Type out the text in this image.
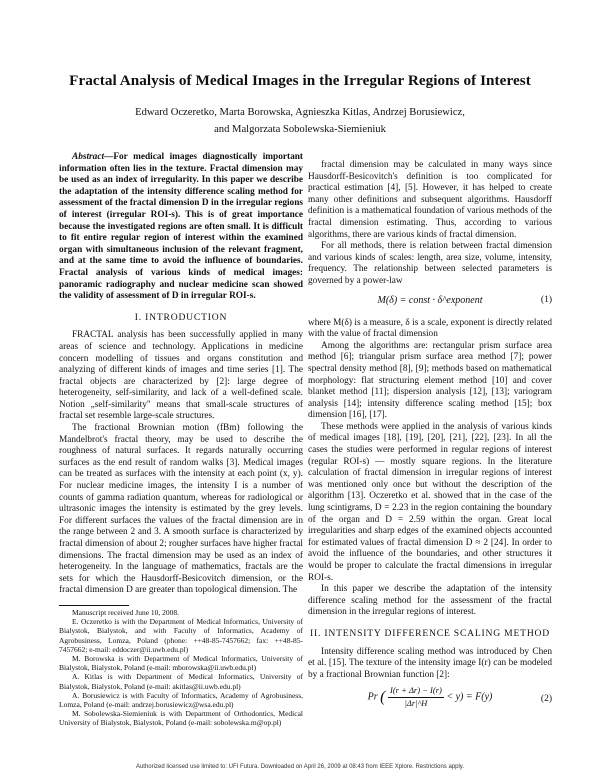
Fractal Analysis of Medical Images in the Irregular Regions of Interest
Edward Oczeretko, Marta Borowska, Agnieszka Kitlas, Andrzej Borusiewicz,
and Malgorzata Sobolewska-Siemieniuk

Abstract—For medical images diagnostically important information often lies in the texture. Fractal dimension may be used as an index of irregularity. In this paper we describe the adaptation of the intensity difference scaling method for assessment of the fractal dimension D in the irregular regions of interest (irregular ROI-s). This is of great importance because the investigated regions are often small. It is difficult to fit entire regular region of interest within the examined organ with simultaneous inclusion of the relevant fragment, and at the same time to avoid the influence of boundaries. Fractal analysis of various kinds of medical images: panoramic radiography and nuclear medicine scan showed the validity of assessment of D in irregular ROI-s.

I. INTRODUCTION

FRACTAL analysis has been successfully applied in many areas of science and technology. Applications in medicine concern modelling of tissues and organs constitution and analyzing of different kinds of images and time series [1]. The fractal objects are characterized by [2]: large degree of heterogeneity, self-similarity, and lack of a well-defined scale. Notion „self-similarity" means that small-scale structures of fractal set resemble large-scale structures.

The fractional Brownian motion (fBm) following the Mandelbrot's fractal theory, may be used to describe the roughness of natural surfaces. It regards naturally occurring surfaces as the end result of random walks [3]. Medical images can be treated as surfaces with the intensity at each point (x, y). For nuclear medicine images, the intensity I is a number of counts of gamma radiation quantum, whereas for radiological or ultrasonic images the intensity is estimated by the grey levels. For different surfaces the values of the fractal dimension are in the range between 2 and 3. A smooth surface is characterized by fractal dimension of about 2; rougher surfaces have higher fractal dimensions. The fractal dimension may be used as an index of heterogeneity. In the language of mathematics, fractals are the sets for which the Hausdorff-Besicovitch dimension, or the fractal dimension D are greater than topological dimension. The

Manuscript received June 10, 2008.

E. Oczeretko is with the Department of Medical Informatics, University of Bialystok, Bialystok, and with Faculty of Informatics, Academy of Agrobusiness, Lomza, Poland (phone: ++48-85-7457662; fax: ++48-85-7457662; e-mail: eddoczer@ii.uwb.edu.pl)

M. Borowska is with Department of Medical Informatics, University of Bialystok, Bialystok, Poland (e-mail: mborowska@ii.uwb.edu.pl)

A. Kitlas is with Department of Medical Informatics, University of Bialystok, Bialystok, Poland (e-mail: akitlas@ii.uwb.edu.pl)

A. Borusiewicz is with Faculty of Informatics, Academy of Agrobusiness, Lomza, Poland (e-mail: andrzej.borusiewicz@wsa.edu.pl)

M. Sobolewska-Siemieniuk is with Department of Orthodontics, Medical University of Bialystok, Bialystok, Poland (e-mail: sobolewska.m@op.pl)

fractal dimension may be calculated in many ways since Hausdorff-Besicovitch's definition is too complicated for practical estimation [4], [5]. However, it has helped to create many other definitions and subsequent algorithms. Hausdorff definition is a mathematical foundation of various methods of the fractal dimension estimating. Thus, according to various algorithms, there are various kinds of fractal dimension.

For all methods, there is relation between fractal dimension and various kinds of scales: length, area size, volume, intensity, frequency. The relationship between selected parameters is governed by a power-law

M(δ) = const · δ^exponent	(1)

where M(δ) is a measure, δ is a scale, exponent is directly related with the value of fractal dimension

Among the algorithms are: rectangular prism surface area method [6]; triangular prism surface area method [7]; power spectral density method [8], [9]; methods based on mathematical morphology: flat structuring element method [10] and cover blanket method [11]; dispersion analysis [12], [13]; variogram analysis [14]; intensity difference scaling method [15]; box dimension [16], [17].

These methods were applied in the analysis of various kinds of medical images [18], [19], [20], [21], [22], [23]. In all the cases the studies were performed in regular regions of interest (regular ROI-s) — mostly square regions. In the literature calculation of fractal dimension in irregular regions of interest was mentioned only once but without the description of the algorithm [13]. Oczeretko et al. showed that in the case of the lung scintigrams, D = 2.23 in the region containing the boundary of the organ and D = 2.59 within the organ. Great local irregularities and sharp edges of the examined objects accounted for estimated values of fractal dimension D ≈ 2 [24]. In order to avoid the influence of the boundaries, and other structures it would be proper to calculate the fractal dimensions in irregular ROI-s.

In this paper we describe the adaptation of the intensity difference scaling method for the assessment of the fractal dimension in the irregular regions of interest.

II. INTENSITY DIFFERENCE SCALING METHOD

Intensity difference scaling method was introduced by Chen et al. [15]. The texture of the intensity image I(r) can be modeled by a fractional Brownian function [2]:

Pr ( $\frac{I(r + \Delta r) - I(r)}{|\Delta r|\^{}H} < y) = F(y)$	(2)
Authorized licensed use limited to: UFI Futura. Downloaded on April 26, 2009 at 08:43 from IEEE Xplore. Restrictions apply.
